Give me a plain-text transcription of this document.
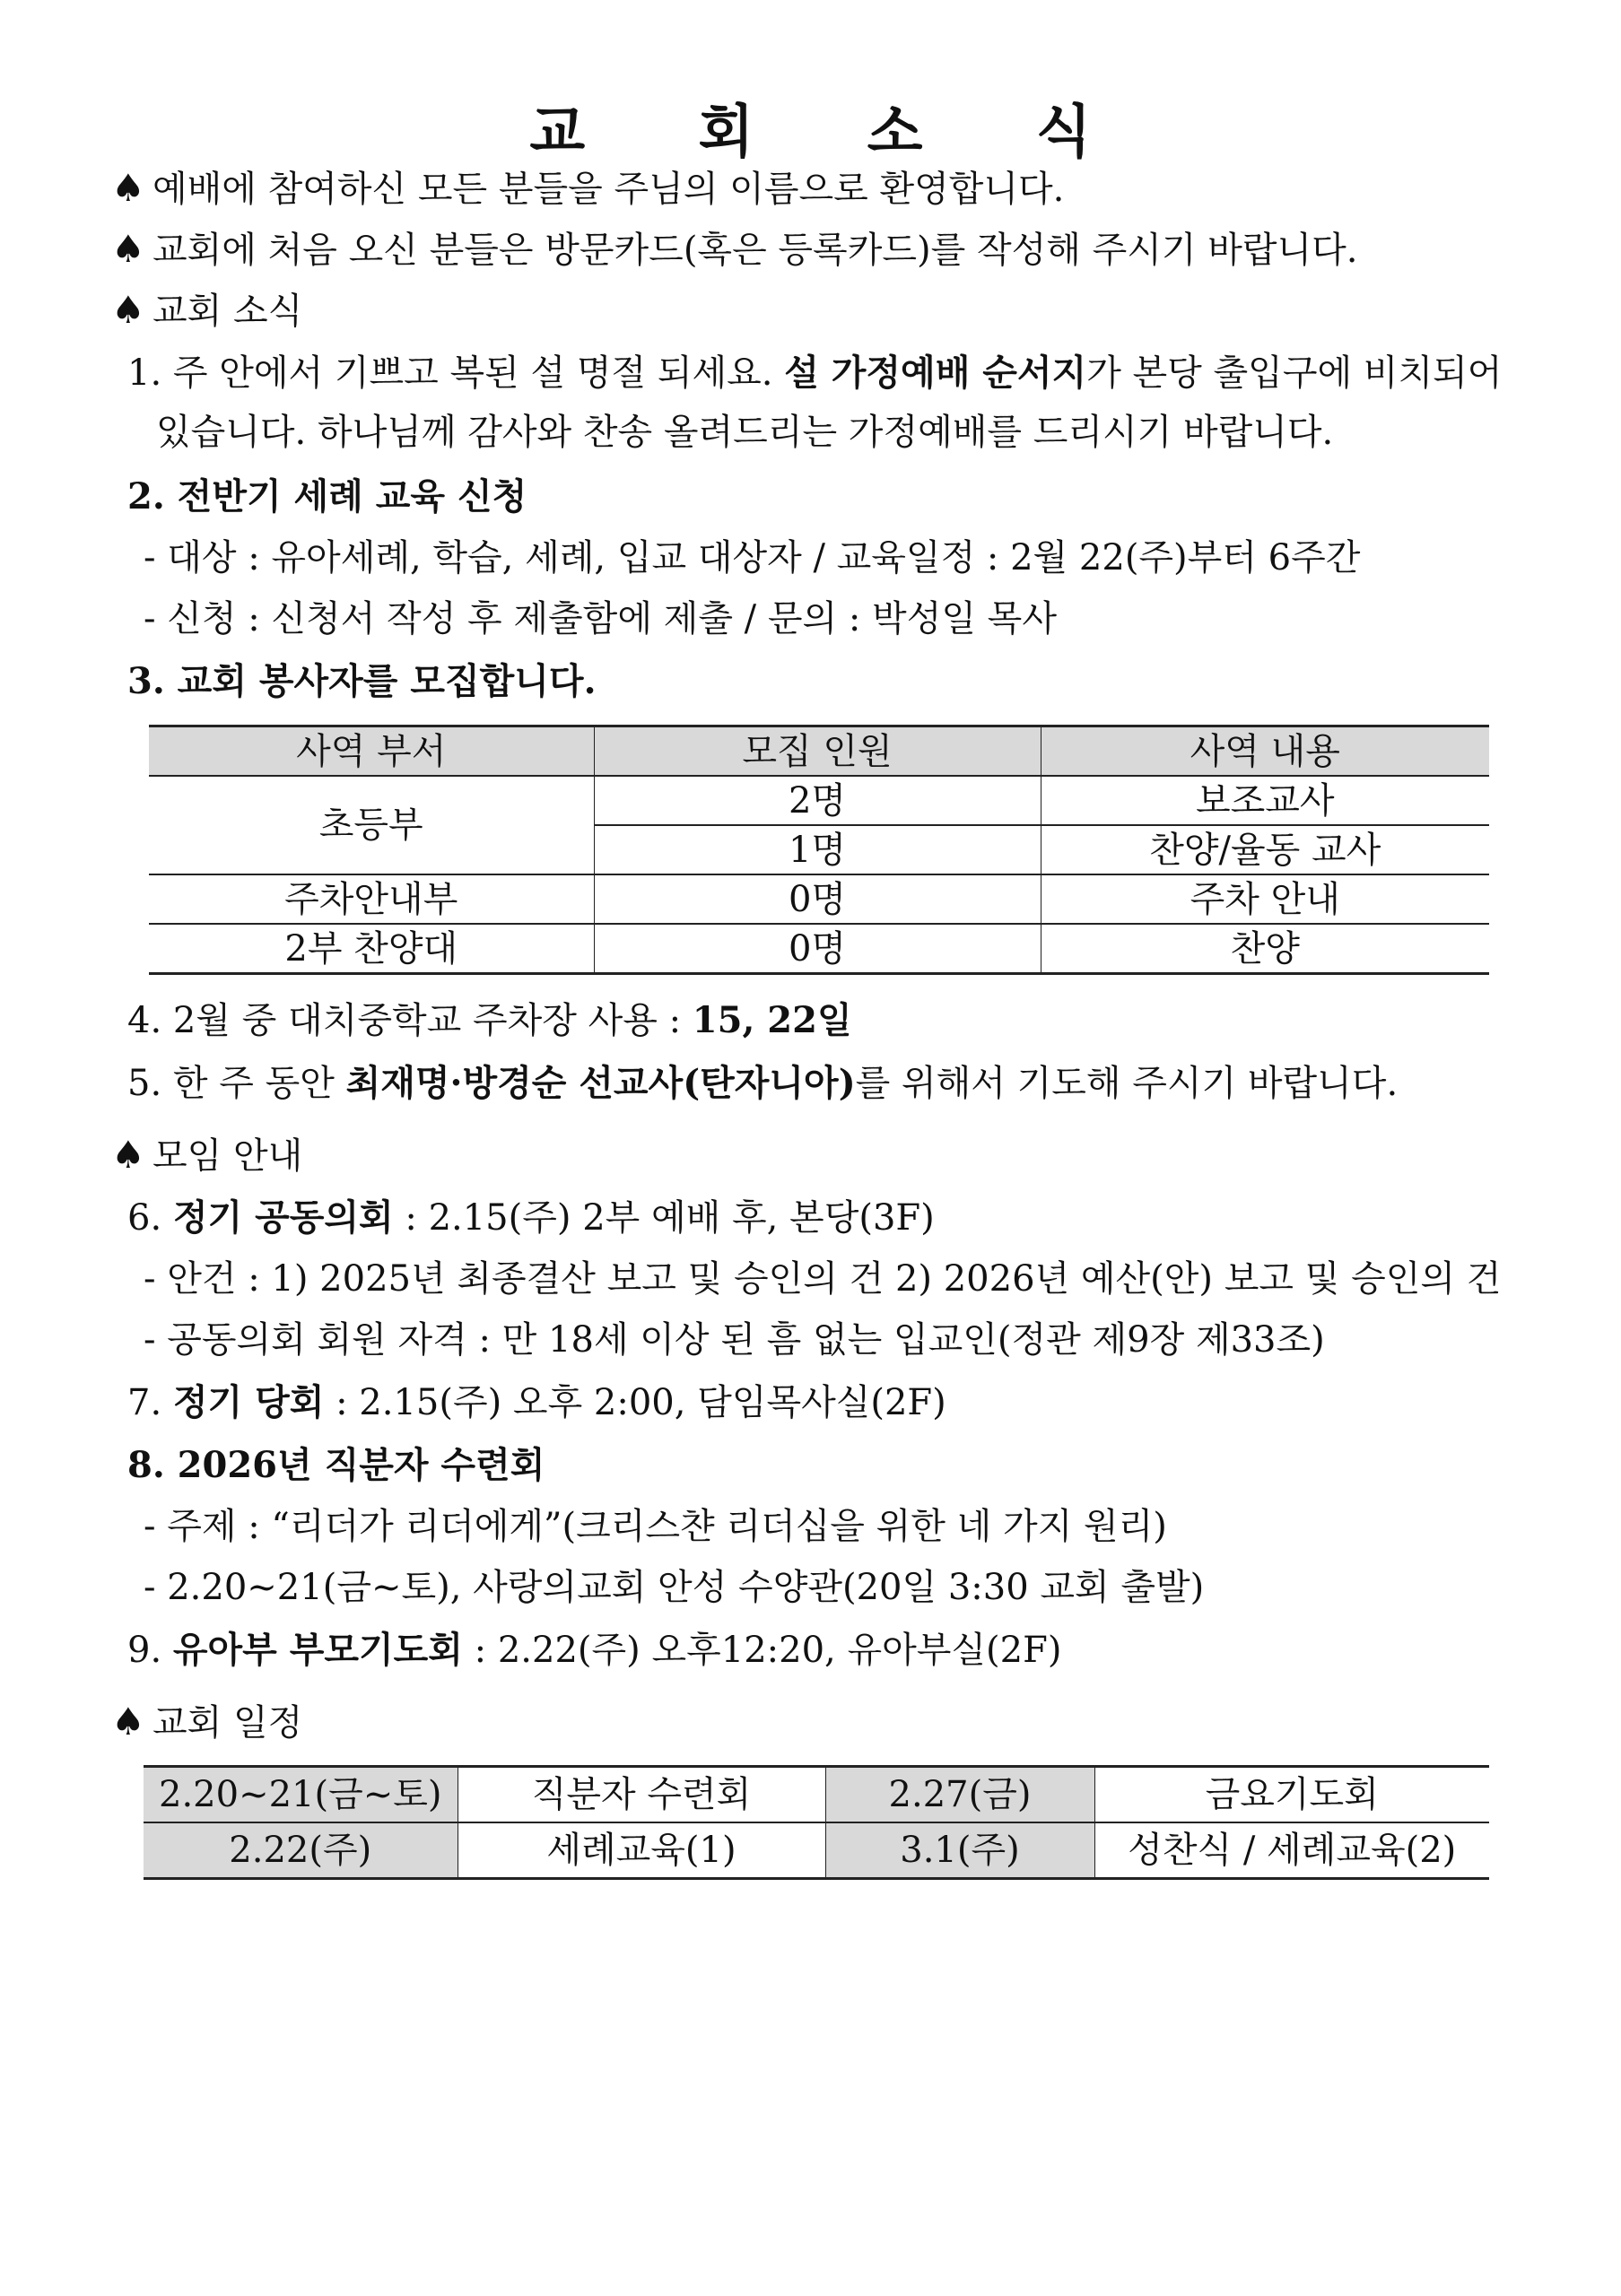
교 회 소 식
♠ 예배에 참여하신 모든 분들을 주님의 이름으로 환영합니다.
♠ 교회에 처음 오신 분들은 방문카드(혹은 등록카드)를 작성해 주시기 바랍니다.
♠ 교회 소식
1. 주 안에서 기쁘고 복된 설 명절 되세요. 설 가정예배 순서지가 본당 출입구에 비치되어
있습니다. 하나님께 감사와 찬송 올려드리는 가정예배를 드리시기 바랍니다.
2. 전반기 세례 교육 신청
- 대상 : 유아세례, 학습, 세례, 입교 대상자 / 교육일정 : 2월 22(주)부터 6주간
- 신청 : 신청서 작성 후 제출함에 제출 / 문의 : 박성일 목사
3. 교회 봉사자를 모집합니다.
사역 부서	모집 인원	사역 내용
초등부	2명	보조교사
	1명	찬양/율동 교사
주차안내부	0명	주차 안내
2부 찬양대	0명	찬양
4. 2월 중 대치중학교 주차장 사용 : 15, 22일
5. 한 주 동안 최재명·방경순 선교사(탄자니아)를 위해서 기도해 주시기 바랍니다.
♠ 모임 안내
6. 정기 공동의회 : 2.15(주) 2부 예배 후, 본당(3F)
- 안건 : 1) 2025년 최종결산 보고 및 승인의 건 2) 2026년 예산(안) 보고 및 승인의 건
- 공동의회 회원 자격 : 만 18세 이상 된 흠 없는 입교인(정관 제9장 제33조)
7. 정기 당회 : 2.15(주) 오후 2:00, 담임목사실(2F)
8. 2026년 직분자 수련회
- 주제 : “리더가 리더에게”(크리스챤 리더십을 위한 네 가지 원리)
- 2.20~21(금~토), 사랑의교회 안성 수양관(20일 3:30 교회 출발)
9. 유아부 부모기도회 : 2.22(주) 오후12:20, 유아부실(2F)
♠ 교회 일정
2.20~21(금~토)	직분자 수련회	2.27(금)	금요기도회
2.22(주)	세례교육(1)	3.1(주)	성찬식 / 세례교육(2)
